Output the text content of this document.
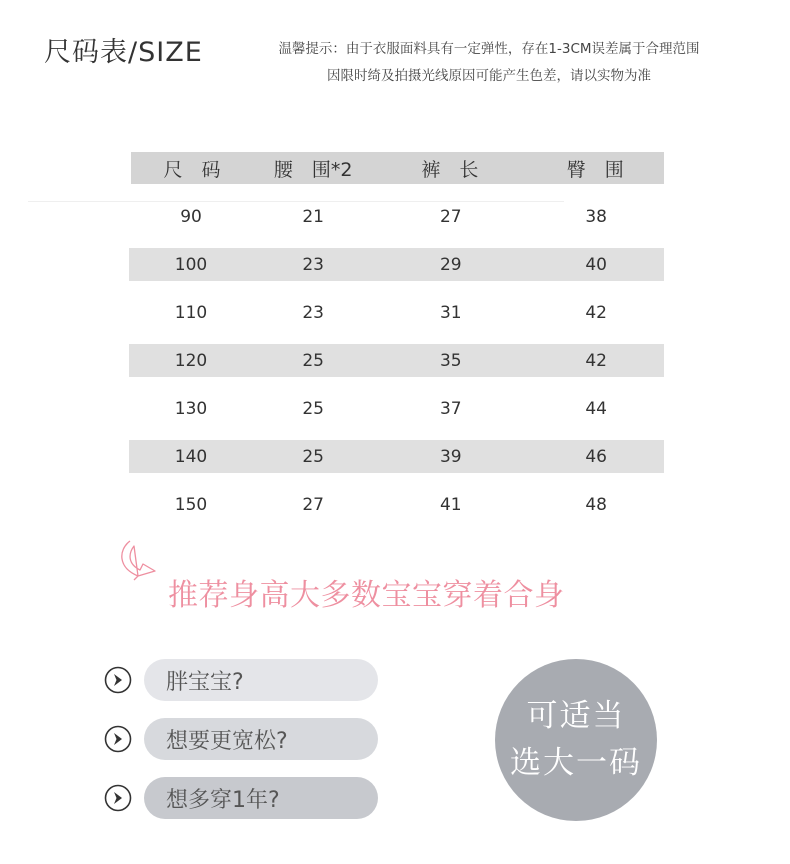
尺码表/SIZE	温馨提示：由于衣服面料具有一定弹性，存在1-3CM误差属于合理范围
因限时绮及拍摄光线原因可能产生色差，请以实物为准
尺　码	腰　围*2	裤　长	臀　围
90	21	27	38
100	23	29	40
110	23	31	42
120	25	35	42
130	25	37	44
140	25	39	46
150	27	41	48
推荐身高大多数宝宝穿着合身
胖宝宝?
想要更宽松?
想多穿1年?
可适当
选大一码
